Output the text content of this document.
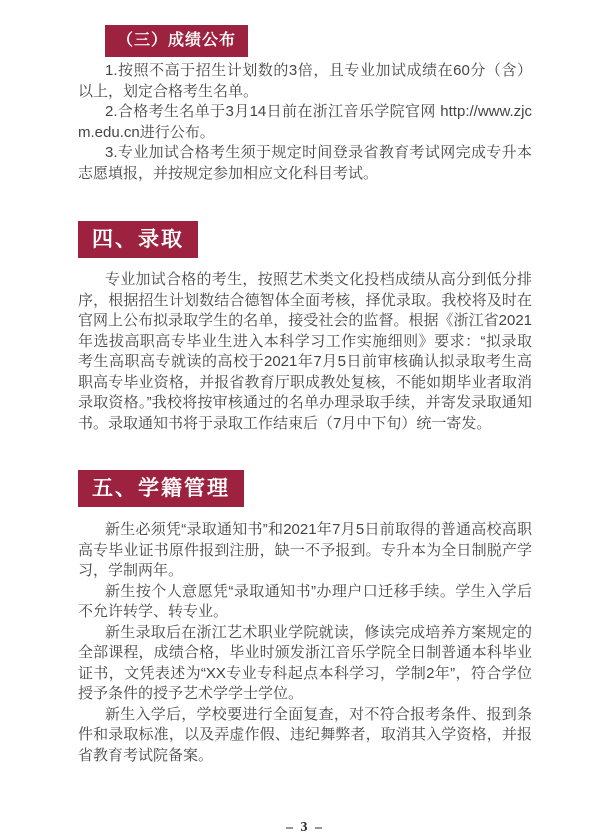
（三）成绩公布

1.按照不高于招生计划数的3倍，且专业加试成绩在60分（含）以上，划定合格考生名单。

2.合格考生名单于3月14日前在浙江音乐学院官网 http://www.zjcm.edu.cn进行公布。

3.专业加试合格考生须于规定时间登录省教育考试网完成专升本志愿填报，并按规定参加相应文化科目考试。

四、录取

专业加试合格的考生，按照艺术类文化投档成绩从高分到低分排序，根据招生计划数结合德智体全面考核，择优录取。我校将及时在官网上公布拟录取学生的名单，接受社会的监督。根据《浙江省2021年选拔高职高专毕业生进入本科学习工作实施细则》要求：“拟录取考生高职高专就读的高校于2021年7月5日前审核确认拟录取考生高职高专毕业资格，并报省教育厅职成教处复核，不能如期毕业者取消录取资格。”我校将按审核通过的名单办理录取手续，并寄发录取通知书。录取通知书将于录取工作结束后（7月中下旬）统一寄发。

五、学籍管理

新生必须凭“录取通知书”和2021年7月5日前取得的普通高校高职高专毕业证书原件报到注册，缺一不予报到。专升本为全日制脱产学习，学制两年。

新生按个人意愿凭“录取通知书”办理户口迁移手续。学生入学后不允许转学、转专业。

新生录取后在浙江艺术职业学院就读，修读完成培养方案规定的全部课程，成绩合格，毕业时颁发浙江音乐学院全日制普通本科毕业证书，文凭表述为“XX专业专科起点本科学习，学制2年”，符合学位授予条件的授予艺术学学士学位。

新生入学后，学校要进行全面复查，对不符合报考条件、报到条件和录取标准，以及弄虚作假、违纪舞弊者，取消其入学资格，并报省教育考试院备案。

– 3 –
